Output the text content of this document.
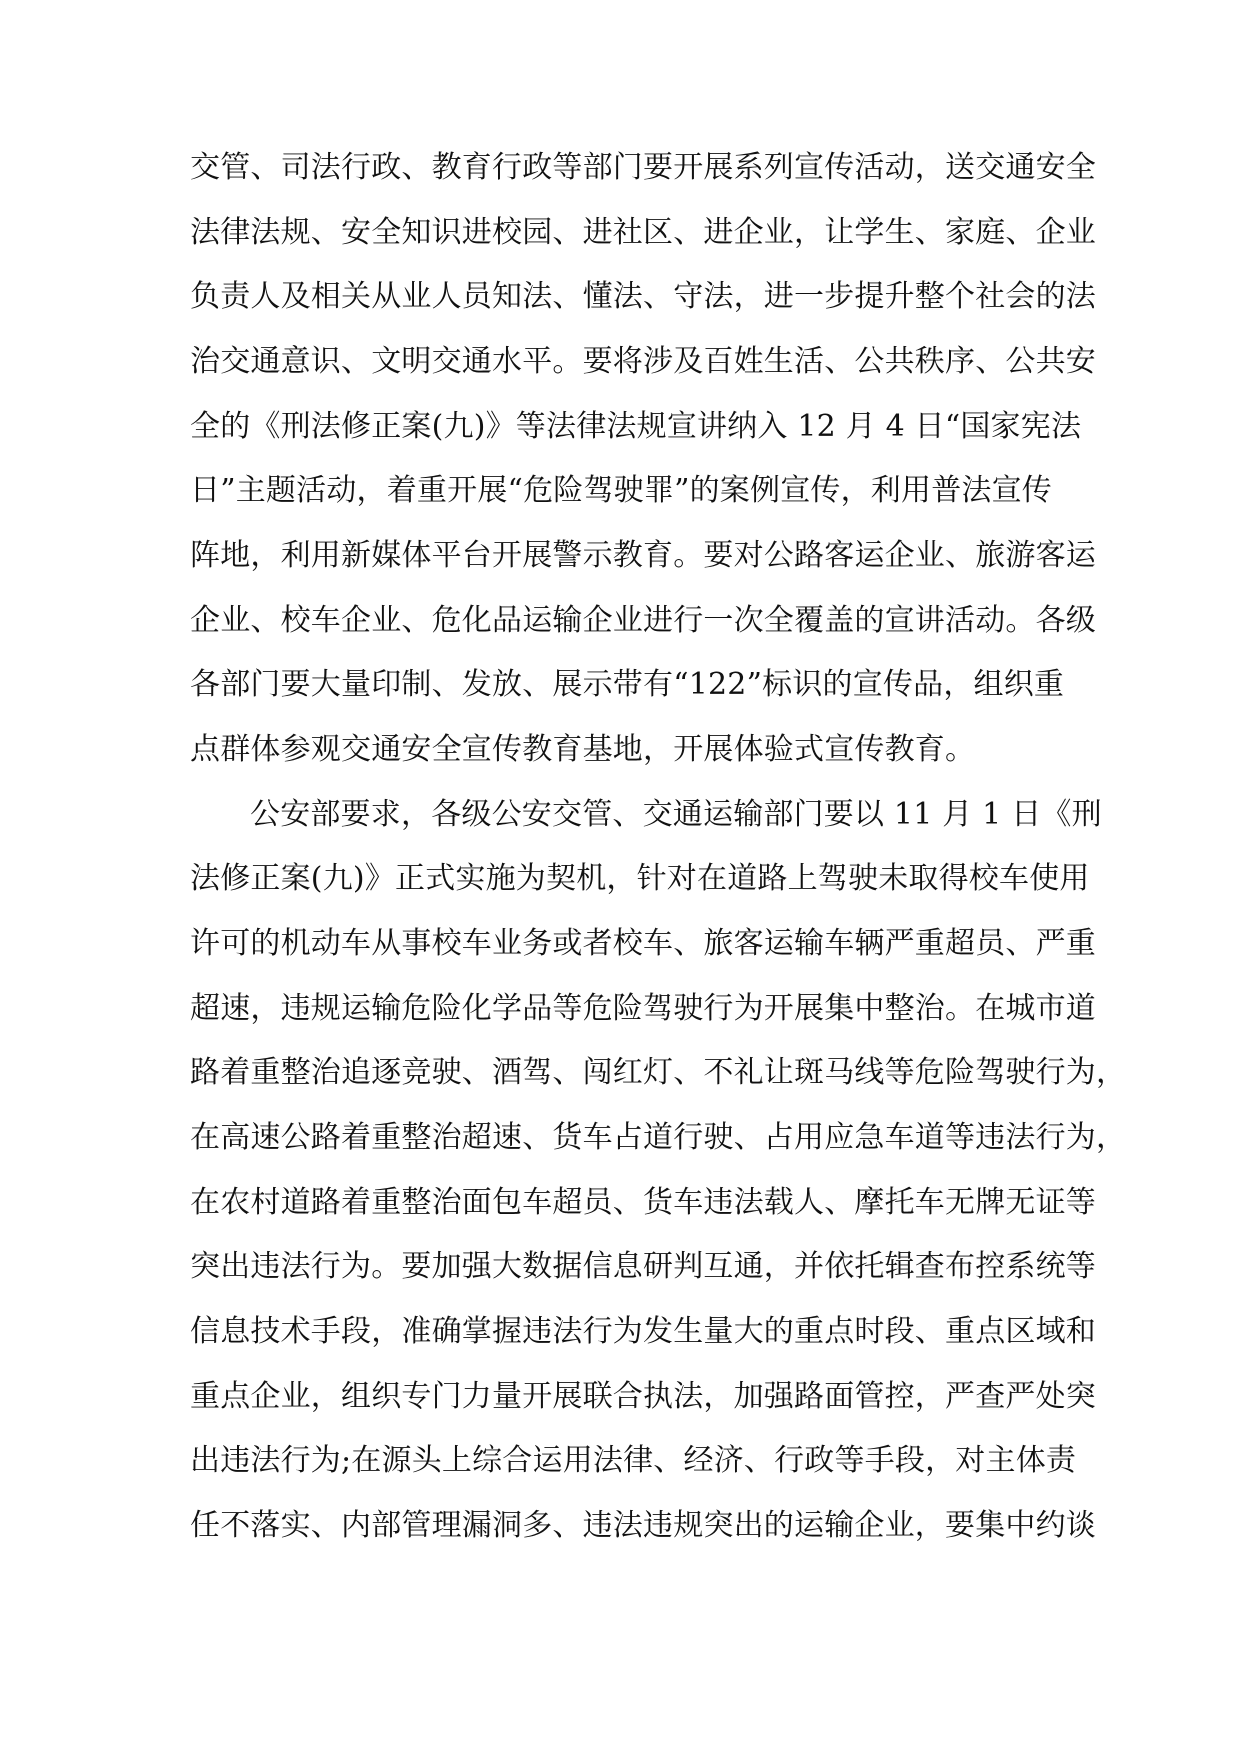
交管、司法行政、教育行政等部门要开展系列宣传活动，送交通安全
法律法规、安全知识进校园、进社区、进企业，让学生、家庭、企业
负责人及相关从业人员知法、懂法、守法，进一步提升整个社会的法
治交通意识、文明交通水平。要将涉及百姓生活、公共秩序、公共安
全的《刑法修正案(九)》等法律法规宣讲纳入 12 月 4 日“国家宪法
日”主题活动，着重开展“危险驾驶罪”的案例宣传，利用普法宣传
阵地，利用新媒体平台开展警示教育。要对公路客运企业、旅游客运
企业、校车企业、危化品运输企业进行一次全覆盖的宣讲活动。各级
各部门要大量印制、发放、展示带有“122”标识的宣传品，组织重
点群体参观交通安全宣传教育基地，开展体验式宣传教育。
公安部要求，各级公安交管、交通运输部门要以 11 月 1 日《刑
法修正案(九)》正式实施为契机，针对在道路上驾驶未取得校车使用
许可的机动车从事校车业务或者校车、旅客运输车辆严重超员、严重
超速，违规运输危险化学品等危险驾驶行为开展集中整治。在城市道
路着重整治追逐竞驶、酒驾、闯红灯、不礼让斑马线等危险驾驶行为，
在高速公路着重整治超速、货车占道行驶、占用应急车道等违法行为，
在农村道路着重整治面包车超员、货车违法载人、摩托车无牌无证等
突出违法行为。要加强大数据信息研判互通，并依托辑查布控系统等
信息技术手段，准确掌握违法行为发生量大的重点时段、重点区域和
重点企业，组织专门力量开展联合执法，加强路面管控，严查严处突
出违法行为;在源头上综合运用法律、经济、行政等手段，对主体责
任不落实、内部管理漏洞多、违法违规突出的运输企业，要集中约谈
